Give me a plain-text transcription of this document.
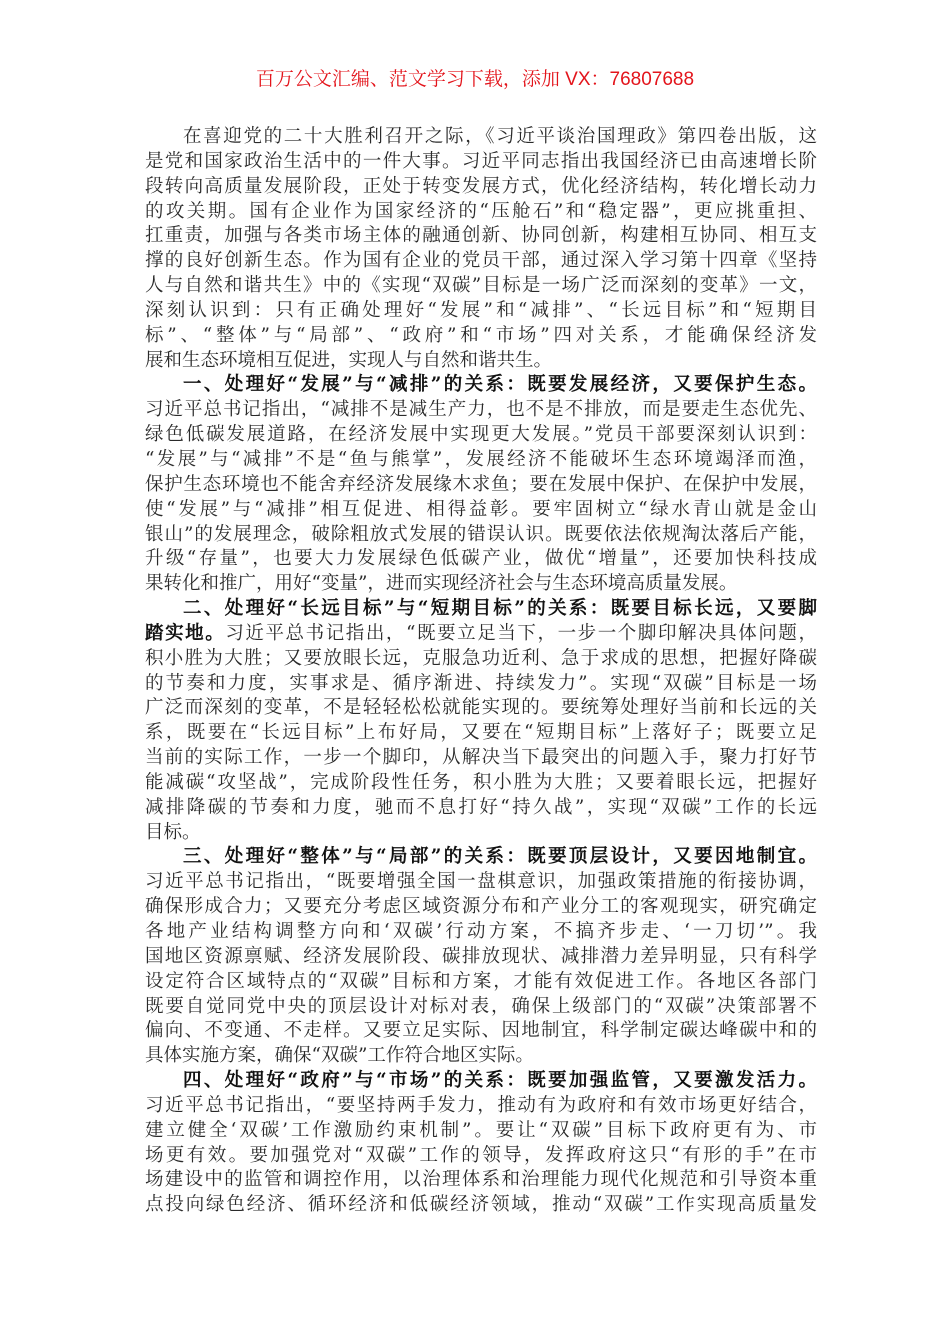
百万公文汇编、范文学习下载，添加 VX：76807688
在喜迎党的二十大胜利召开之际，《习近平谈治国理政》第四卷出版，这
是党和国家政治生活中的一件大事。习近平同志指出我国经济已由高速增长阶
段转向高质量发展阶段，正处于转变发展方式，优化经济结构，转化增长动力
的攻关期。国有企业作为国家经济的“压舱石”和“稳定器”，更应挑重担、
扛重责，加强与各类市场主体的融通创新、协同创新，构建相互协同、相互支
撑的良好创新生态。作为国有企业的党员干部，通过深入学习第十四章《坚持
人与自然和谐共生》中的《实现“双碳”目标是一场广泛而深刻的变革》一文，
深刻认识到：只有正确处理好“发展”和“减排”、“长远目标”和“短期目
标”、“整体”与“局部”、“政府”和“市场”四对关系，才能确保经济发
展和生态环境相互促进，实现人与自然和谐共生。
一、处理好“发展”与“减排”的关系：既要发展经济，又要保护生态。
习近平总书记指出，“减排不是减生产力，也不是不排放，而是要走生态优先、
绿色低碳发展道路，在经济发展中实现更大发展。”党员干部要深刻认识到：
“发展”与“减排”不是“鱼与熊掌”，发展经济不能破坏生态环境竭泽而渔，
保护生态环境也不能舍弃经济发展缘木求鱼；要在发展中保护、在保护中发展，
使“发展”与“减排”相互促进、相得益彰。要牢固树立“绿水青山就是金山
银山”的发展理念，破除粗放式发展的错误认识。既要依法依规淘汰落后产能，
升级“存量”，也要大力发展绿色低碳产业，做优“增量”，还要加快科技成
果转化和推广，用好“变量”，进而实现经济社会与生态环境高质量发展。
二、处理好“长远目标”与“短期目标”的关系：既要目标长远，又要脚
踏实地。习近平总书记指出，“既要立足当下，一步一个脚印解决具体问题，
积小胜为大胜；又要放眼长远，克服急功近利、急于求成的思想，把握好降碳
的节奏和力度，实事求是、循序渐进、持续发力”。实现“双碳”目标是一场
广泛而深刻的变革，不是轻轻松松就能实现的。要统筹处理好当前和长远的关
系，既要在“长远目标”上布好局，又要在“短期目标”上落好子；既要立足
当前的实际工作，一步一个脚印，从解决当下最突出的问题入手，聚力打好节
能减碳“攻坚战”，完成阶段性任务，积小胜为大胜；又要着眼长远，把握好
减排降碳的节奏和力度，驰而不息打好“持久战”，实现“双碳”工作的长远
目标。
三、处理好“整体”与“局部”的关系：既要顶层设计，又要因地制宜。
习近平总书记指出，“既要增强全国一盘棋意识，加强政策措施的衔接协调，
确保形成合力；又要充分考虑区域资源分布和产业分工的客观现实，研究确定
各地产业结构调整方向和‘双碳’行动方案，不搞齐步走、‘一刀切’”。我
国地区资源禀赋、经济发展阶段、碳排放现状、减排潜力差异明显，只有科学
设定符合区域特点的“双碳”目标和方案，才能有效促进工作。各地区各部门
既要自觉同党中央的顶层设计对标对表，确保上级部门的“双碳”决策部署不
偏向、不变通、不走样。又要立足实际、因地制宜，科学制定碳达峰碳中和的
具体实施方案，确保“双碳”工作符合地区实际。
四、处理好“政府”与“市场”的关系：既要加强监管，又要激发活力。
习近平总书记指出，“要坚持两手发力，推动有为政府和有效市场更好结合，
建立健全‘双碳’工作激励约束机制”。要让“双碳”目标下政府更有为、市
场更有效。要加强党对“双碳”工作的领导，发挥政府这只“有形的手”在市
场建设中的监管和调控作用，以治理体系和治理能力现代化规范和引导资本重
点投向绿色经济、循环经济和低碳经济领域，推动“双碳”工作实现高质量发
